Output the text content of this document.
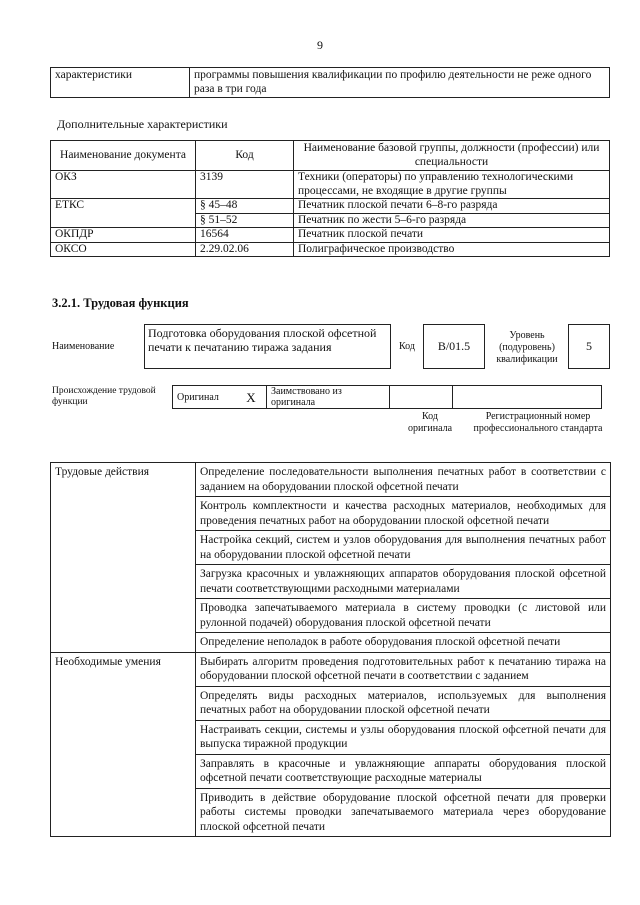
9
характеристики	программы повышения квалификации по профилю деятельности не реже одного раза в три года
Дополнительные характеристики
Наименование документа	Код	Наименование базовой группы, должности (профессии) или специальности
ОКЗ	3139	Техники (операторы) по управлению технологическими процессами, не входящие в другие группы
ЕТКС	§ 45–48	Печатник плоской печати 6–8-го разряда
	§ 51–52	Печатник по жести 5–6-го разряда
ОКПДР	16564	Печатник плоской печати
ОКСО	2.29.02.06	Полиграфическое производство
3.2.1. Трудовая функция
Наименование
Подготовка оборудования плоской офсетной печати к печатанию тиража задания	Код В/01.5
Уровень (подуровень) квалификации
5
Происхождение трудовой функции	Оригинал	X	Заимствовано из оригинала		
Код оригинала
Регистрационный номер профессионального стандарта
Трудовые действия	Определение последовательности выполнения печатных работ в соответствии с заданием на оборудовании плоской офсетной печати
	Контроль комплектности и качества расходных материалов, необходимых для проведения печатных работ на оборудовании плоской офсетной печати
	Настройка секций, систем и узлов оборудования для выполнения печатных работ на оборудовании плоской офсетной печати
	Загрузка красочных и увлажняющих аппаратов оборудования плоской офсетной печати соответствующими расходными материалами
	Проводка запечатываемого материала в систему проводки (с листовой или рулонной подачей) оборудования плоской офсетной печати
	Определение неполадок в работе оборудования плоской офсетной печати
Необходимые умения	Выбирать алгоритм проведения подготовительных работ к печатанию тиража на оборудовании плоской офсетной печати в соответствии с заданием
	Определять виды расходных материалов, используемых для выполнения печатных работ на оборудовании плоской офсетной печати
	Настраивать секции, системы и узлы оборудования плоской офсетной печати для выпуска тиражной продукции
	Заправлять в красочные и увлажняющие аппараты оборудования плоской офсетной печати соответствующие расходные материалы
	Приводить в действие оборудование плоской офсетной печати для проверки работы системы проводки запечатываемого материала через оборудование плоской офсетной печати
